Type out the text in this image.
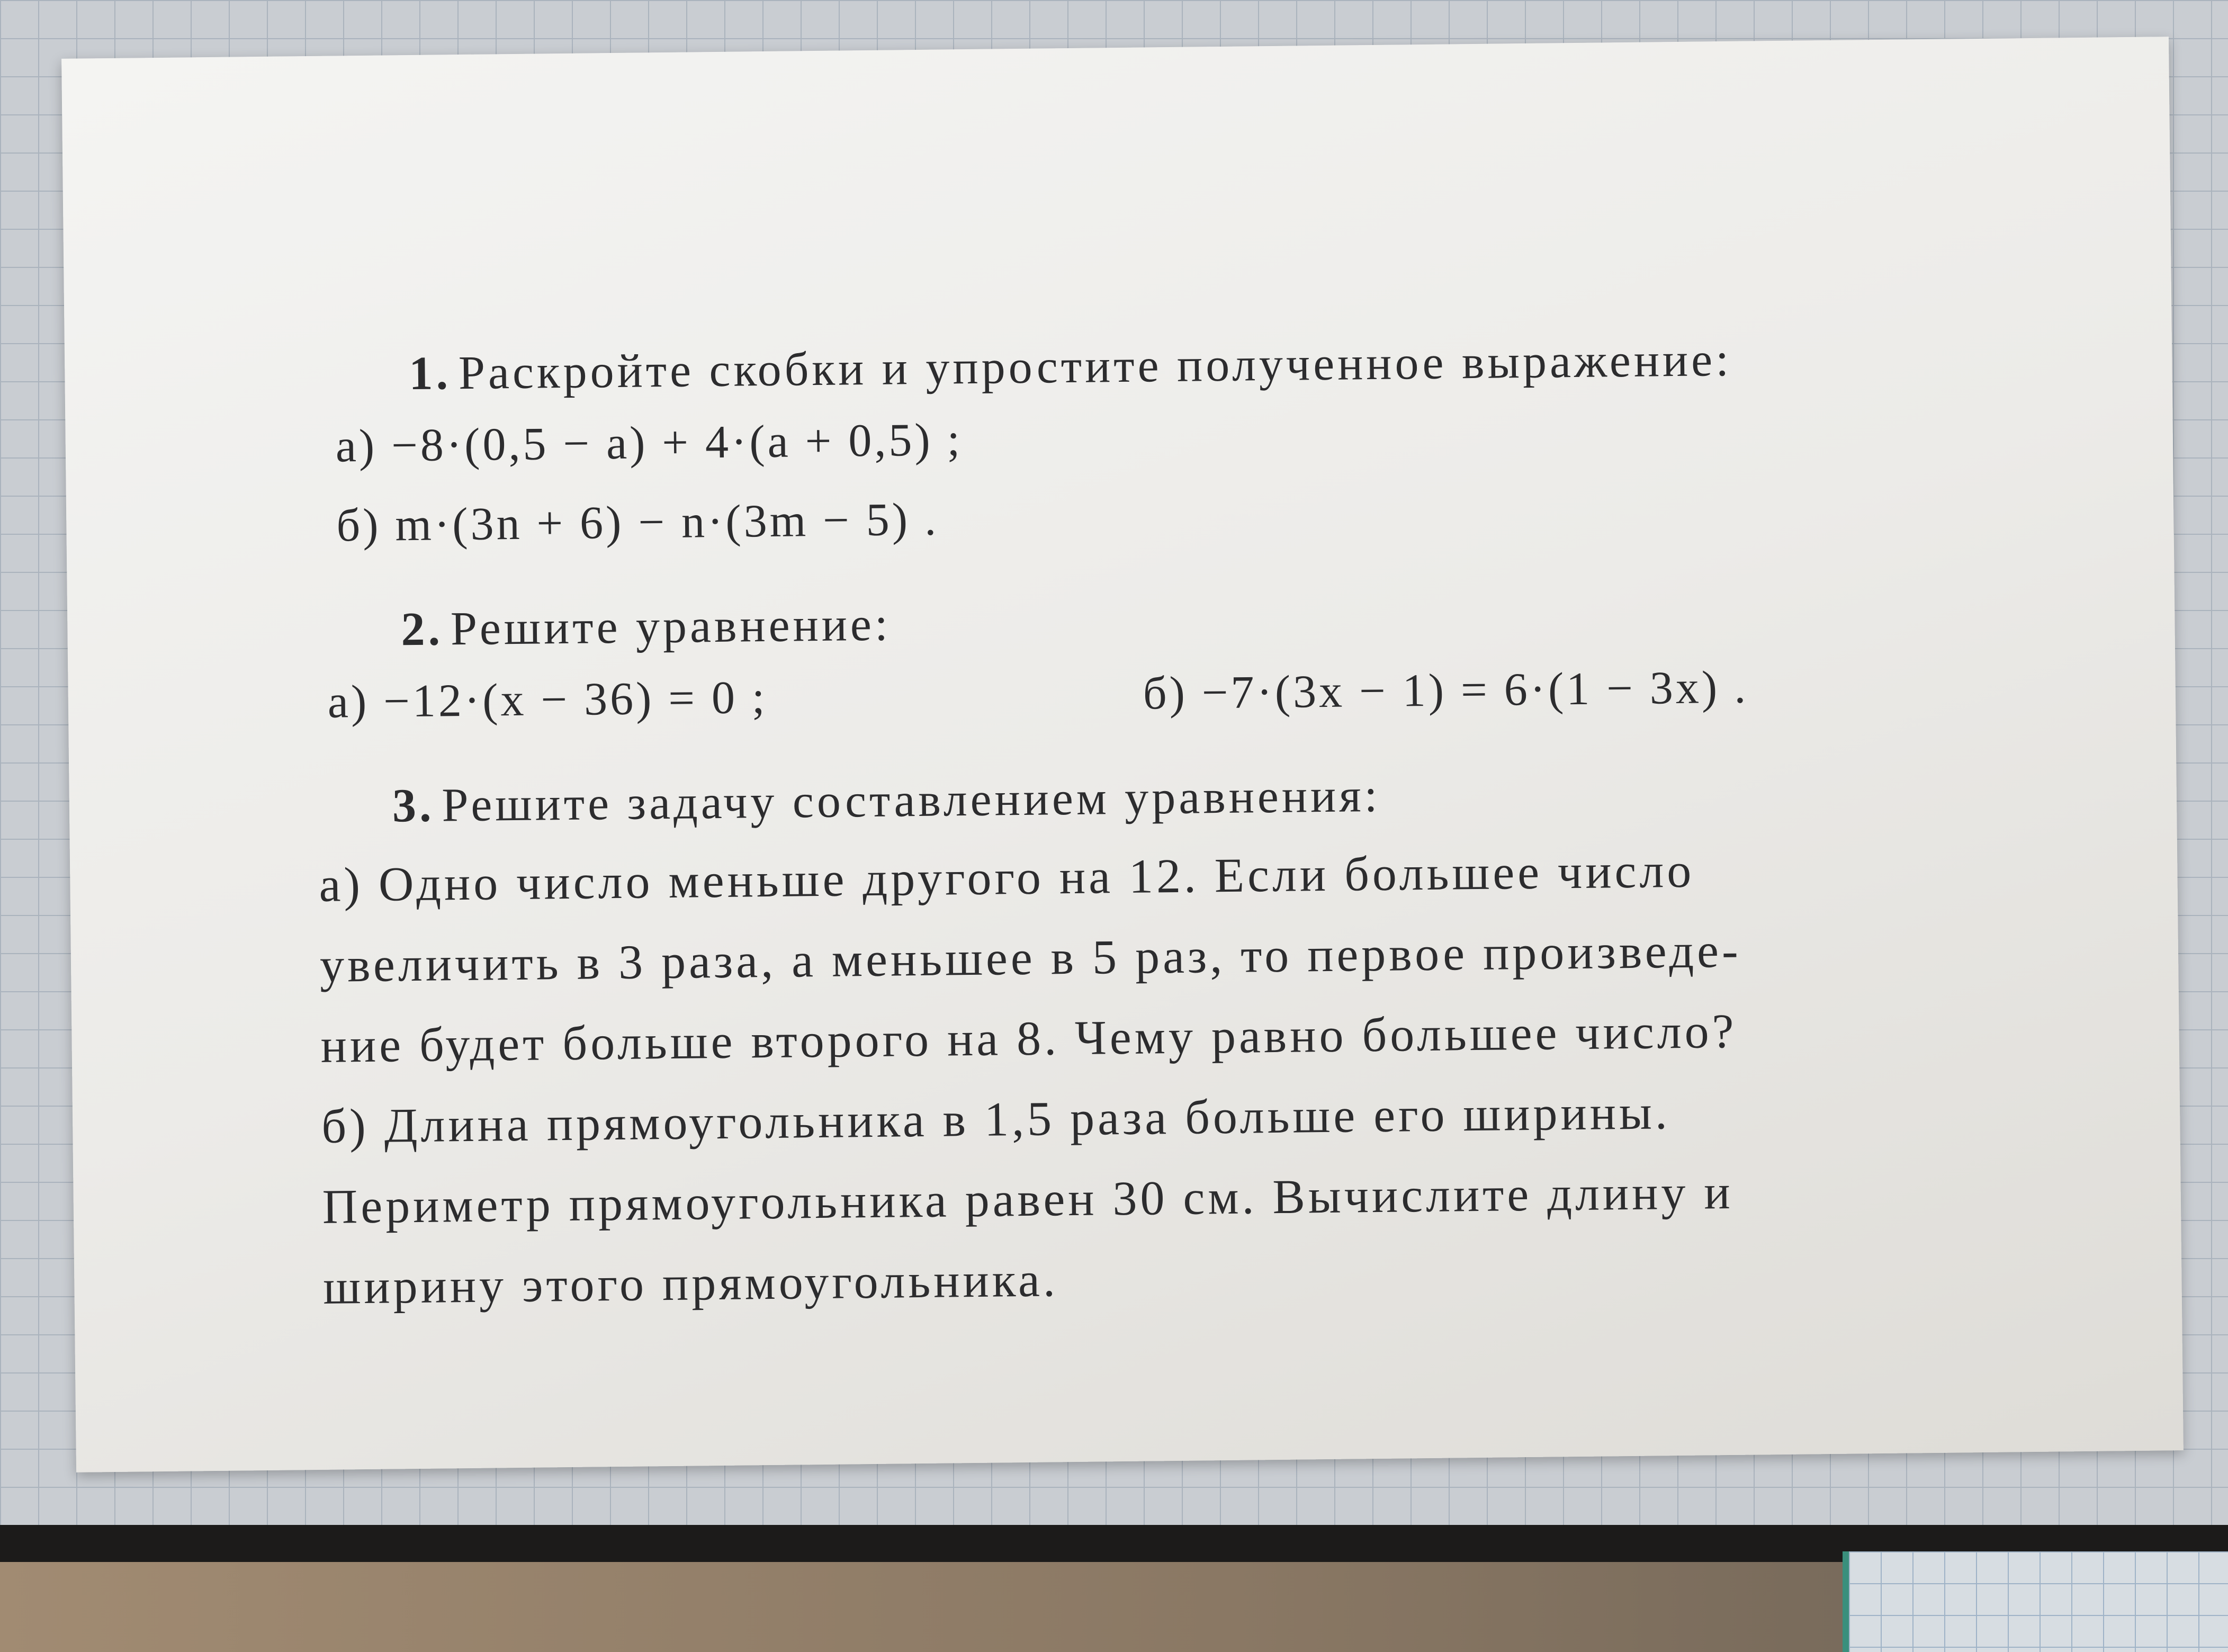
1. Раскройте скобки и упростите полученное выражение:

а) −8·(0,5 − a) + 4·(a + 0,5) ;

б) m·(3n + 6) − n·(3m − 5) .

2. Решите уравнение:

а) −12·(x − 36) = 0 ;	б) −7·(3x − 1) = 6·(1 − 3x) .

3. Решите задачу составлением уравнения:

а) Одно число меньше другого на 12. Если большее число

увеличить в 3 раза, а меньшее в 5 раз, то первое произведе-

ние будет больше второго на 8. Чему равно большее число?

б) Длина прямоугольника в 1,5 раза больше его ширины.

Периметр прямоугольника равен 30 см. Вычислите длину и

ширину этого прямоугольника.
